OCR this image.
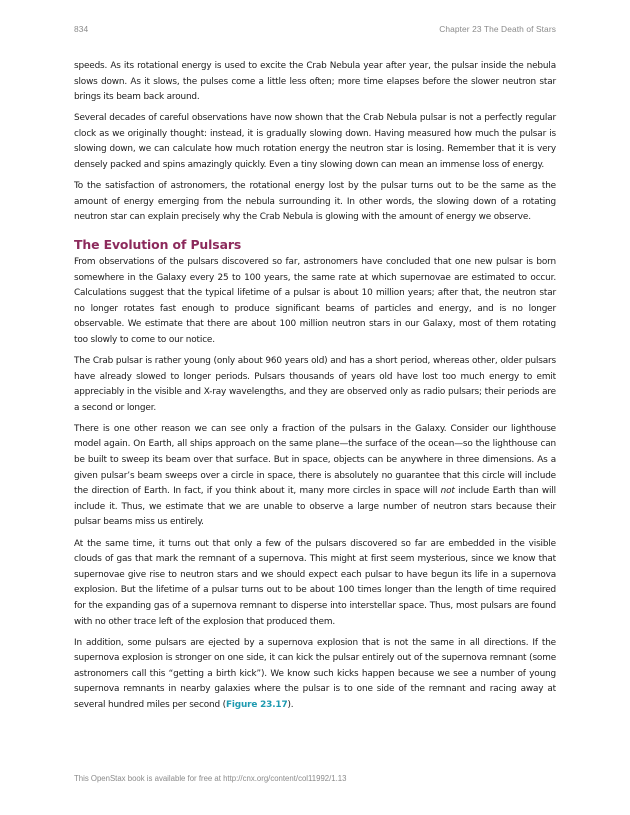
834	Chapter 23 The Death of Stars

speeds. As its rotational energy is used to excite the Crab Nebula year after year, the pulsar inside the nebula slows down. As it slows, the pulses come a little less often; more time elapses before the slower neutron star brings its beam back around.

Several decades of careful observations have now shown that the Crab Nebula pulsar is not a perfectly regular clock as we originally thought: instead, it is gradually slowing down. Having measured how much the pulsar is slowing down, we can calculate how much rotation energy the neutron star is losing. Remember that it is very densely packed and spins amazingly quickly. Even a tiny slowing down can mean an immense loss of energy.

To the satisfaction of astronomers, the rotational energy lost by the pulsar turns out to be the same as the amount of energy emerging from the nebula surrounding it. In other words, the slowing down of a rotating neutron star can explain precisely why the Crab Nebula is glowing with the amount of energy we observe.

The Evolution of Pulsars

From observations of the pulsars discovered so far, astronomers have concluded that one new pulsar is born somewhere in the Galaxy every 25 to 100 years, the same rate at which supernovae are estimated to occur. Calculations suggest that the typical lifetime of a pulsar is about 10 million years; after that, the neutron star no longer rotates fast enough to produce significant beams of particles and energy, and is no longer observable. We estimate that there are about 100 million neutron stars in our Galaxy, most of them rotating too slowly to come to our notice.

The Crab pulsar is rather young (only about 960 years old) and has a short period, whereas other, older pulsars have already slowed to longer periods. Pulsars thousands of years old have lost too much energy to emit appreciably in the visible and X-ray wavelengths, and they are observed only as radio pulsars; their periods are a second or longer.

There is one other reason we can see only a fraction of the pulsars in the Galaxy. Consider our lighthouse model again. On Earth, all ships approach on the same plane—the surface of the ocean—so the lighthouse can be built to sweep its beam over that surface. But in space, objects can be anywhere in three dimensions. As a given pulsar’s beam sweeps over a circle in space, there is absolutely no guarantee that this circle will include the direction of Earth. In fact, if you think about it, many more circles in space will not include Earth than will include it. Thus, we estimate that we are unable to observe a large number of neutron stars because their pulsar beams miss us entirely.

At the same time, it turns out that only a few of the pulsars discovered so far are embedded in the visible clouds of gas that mark the remnant of a supernova. This might at first seem mysterious, since we know that supernovae give rise to neutron stars and we should expect each pulsar to have begun its life in a supernova explosion. But the lifetime of a pulsar turns out to be about 100 times longer than the length of time required for the expanding gas of a supernova remnant to disperse into interstellar space. Thus, most pulsars are found with no other trace left of the explosion that produced them.

In addition, some pulsars are ejected by a supernova explosion that is not the same in all directions. If the supernova explosion is stronger on one side, it can kick the pulsar entirely out of the supernova remnant (some astronomers call this “getting a birth kick”). We know such kicks happen because we see a number of young supernova remnants in nearby galaxies where the pulsar is to one side of the remnant and racing away at several hundred miles per second (Figure 23.17).

This OpenStax book is available for free at http://cnx.org/content/col11992/1.13
